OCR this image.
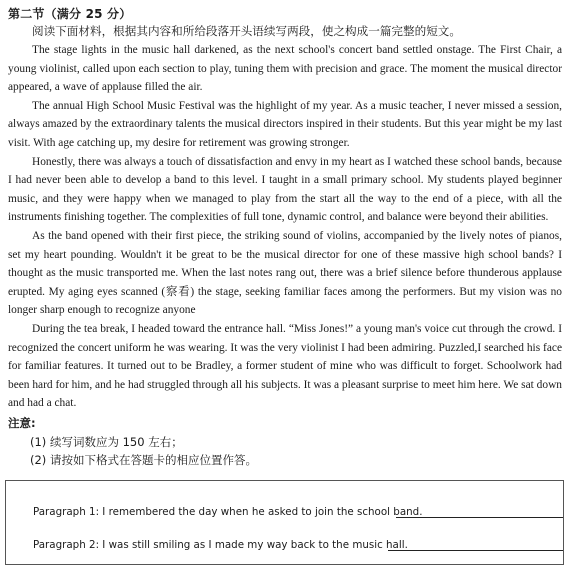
第二节（满分 25 分）
阅读下面材料，根据其内容和所给段落开头语续写两段，使之构成一篇完整的短文。

The stage lights in the music hall darkened, as the next school's concert band settled onstage. The First Chair, a young violinist, called upon each section to play, tuning them with precision and grace. The moment the musical director appeared, a wave of applause filled the air.

The annual High School Music Festival was the highlight of my year. As a music teacher, I never missed a session, always amazed by the extraordinary talents the musical directors inspired in their students. But this year might be my last visit. With age catching up, my desire for retirement was growing stronger.

Honestly, there was always a touch of dissatisfaction and envy in my heart as I watched these school bands, because I had never been able to develop a band to this level. I taught in a small primary school. My students played beginner music, and they were happy when we managed to play from the start all the way to the end of a piece, with all the instruments finishing together. The complexities of full tone, dynamic control, and balance were beyond their abilities.

As the band opened with their first piece, the striking sound of violins, accompanied by the lively notes of pianos, set my heart pounding. Wouldn't it be great to be the musical director for one of these massive high school bands? I thought as the music transported me. When the last notes rang out, there was a brief silence before thunderous applause erupted. My aging eyes scanned (察看) the stage, seeking familiar faces among the performers. But my vision was no longer sharp enough to recognize anyone

During the tea break, I headed toward the entrance hall. “Miss Jones!” a young man's voice cut through the crowd. I recognized the concert uniform he was wearing. It was the very violinist I had been admiring. Puzzled,I searched his face for familiar features. It turned out to be Bradley, a former student of mine who was difficult to forget. Schoolwork had been hard for him, and he had struggled through all his subjects. It was a pleasant surprise to meet him here. We sat down and had a chat.

注意:
(1) 续写词数应为 150 左右；
(2) 请按如下格式在答题卡的相应位置作答。
Paragraph 1: I remembered the day when he asked to join the school band.
Paragraph 2: I was still smiling as I made my way back to the music hall.
